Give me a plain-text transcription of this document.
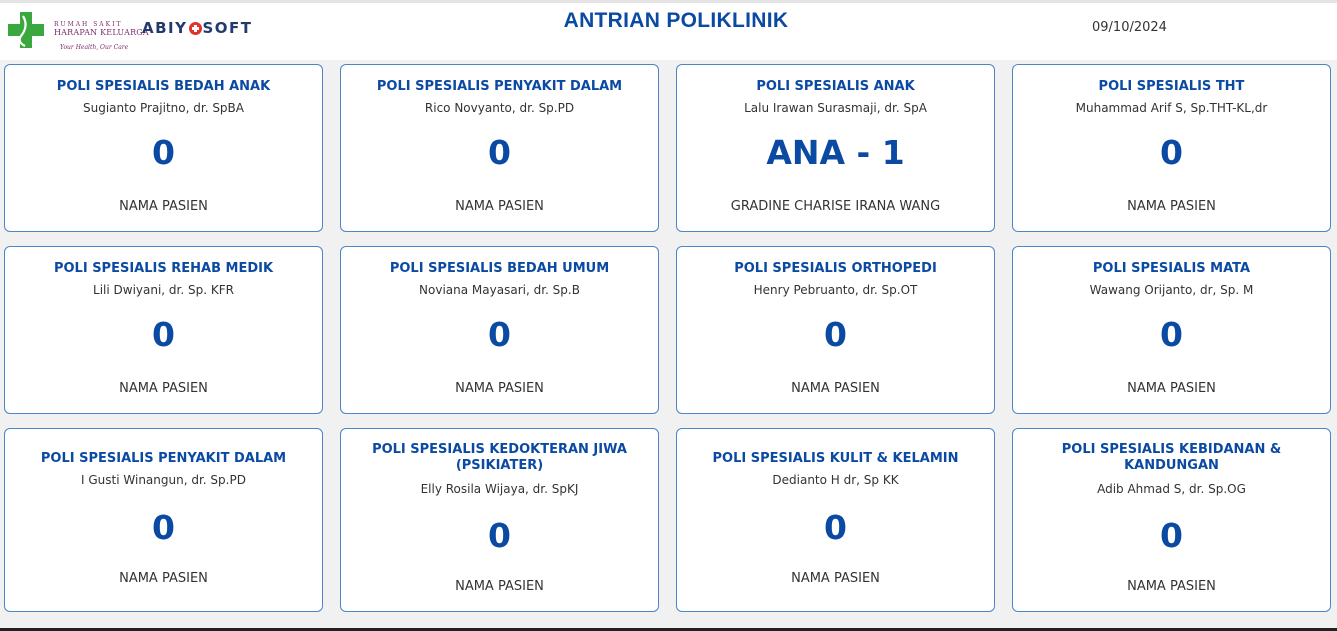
RUMAH SAKIT
HARAPAN KELUARGA
Your Health, Our Care
ABIY SOFT	ANTRIAN POLIKLINIK	09/10/2024
POLI SPESIALIS BEDAH ANAK
Sugianto Prajitno, dr. SpBA
0
NAMA PASIEN
POLI SPESIALIS PENYAKIT DALAM
Rico Novyanto, dr. Sp.PD
0
NAMA PASIEN
POLI SPESIALIS ANAK
Lalu Irawan Surasmaji, dr. SpA
ANA - 1
GRADINE CHARISE IRANA WANG
POLI SPESIALIS THT
Muhammad Arif S, Sp.THT-KL,dr
0
NAMA PASIEN
POLI SPESIALIS REHAB MEDIK
Lili Dwiyani, dr. Sp. KFR
0
NAMA PASIEN
POLI SPESIALIS BEDAH UMUM
Noviana Mayasari, dr. Sp.B
0
NAMA PASIEN
POLI SPESIALIS ORTHOPEDI
Henry Pebruanto, dr. Sp.OT
0
NAMA PASIEN
POLI SPESIALIS MATA
Wawang Orijanto, dr, Sp. M
0
NAMA PASIEN
POLI SPESIALIS PENYAKIT DALAM
I Gusti Winangun, dr. Sp.PD
0
NAMA PASIEN
POLI SPESIALIS KEDOKTERAN JIWA (PSIKIATER)
Elly Rosila Wijaya, dr. SpKJ
0
NAMA PASIEN
POLI SPESIALIS KULIT & KELAMIN
Dedianto H dr, Sp KK
0
NAMA PASIEN
POLI SPESIALIS KEBIDANAN & KANDUNGAN
Adib Ahmad S, dr. Sp.OG
0
NAMA PASIEN
